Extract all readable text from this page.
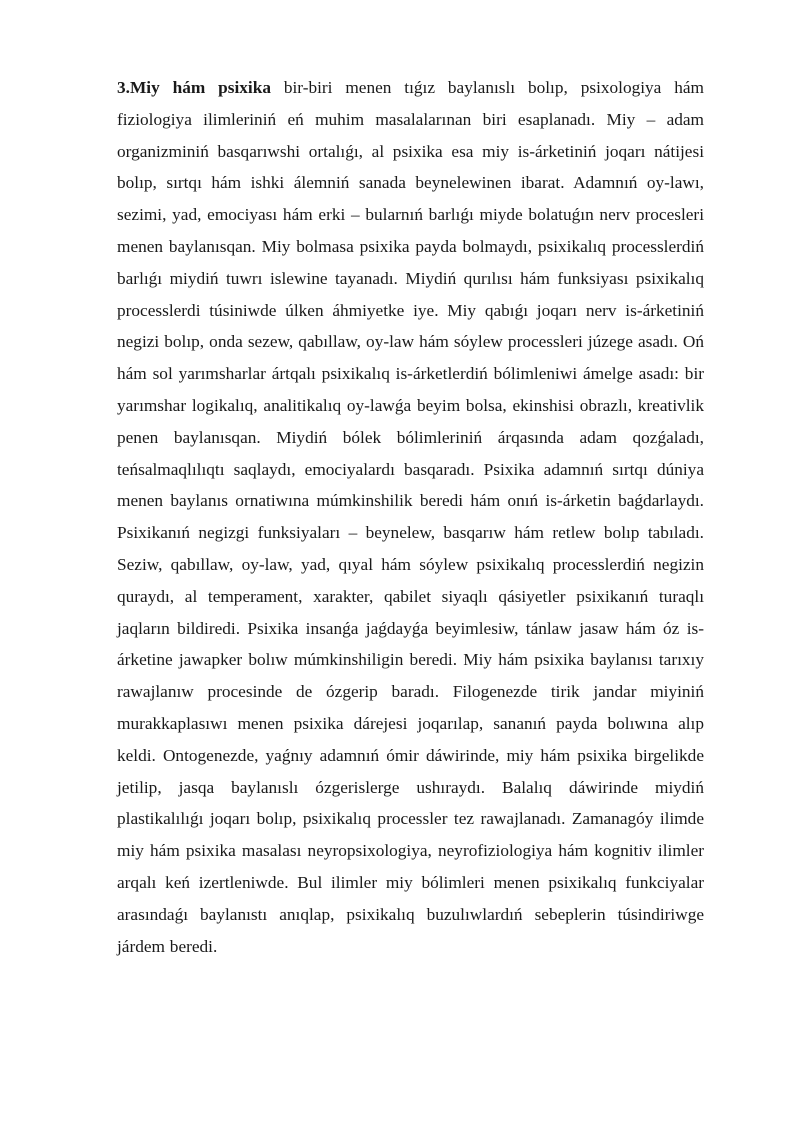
3.Miy hám psixika bir-biri menen tıǵız baylanıslı bolıp, psixologiya hám fiziologiya ilimleriniń eń muhim masalalarınan biri esaplanadı. Miy – adam organizminiń basqarıwshi ortalıǵı, al psixika esa miy is-árketiniń joqarı nátijesi bolıp, sırtqı hám ishki álemniń sanada beynelewinen ibarat. Adamnıń oy-lawı, sezimi, yad, emociyası hám erki – bularnıń barlıǵı miyde bolatuǵın nerv procesleri menen baylanısqan. Miy bolmasa psixika payda bolmaydı, psixikalıq processlerdiń barlıǵı miydiń tuwrı islewine tayanadı. Miydiń qurılısı hám funksiyası psixikalıq processlerdi túsiniwde úlken áhmiyetke iye. Miy qabıǵı joqarı nerv is-árketiniń negizi bolıp, onda sezew, qabıllaw, oy-law hám sóylew processleri júzege asadı. Oń hám sol yarımsharlar ártqalı psixikalıq is-árketlerdiń bólimleniwi ámelge asadı: bir yarımshar logikalıq, analitikalıq oy-lawǵa beyim bolsa, ekinshisi obrazlı, kreativlik penen baylanısqan. Miydiń bólek bólimleriniń árqasında adam qozǵaladı, teńsalmaqlılıqtı saqlaydı, emociyalardı basqaradı. Psixika adamnıń sırtqı dúniya menen baylanıs ornatiwına múmkinshilik beredi hám onıń is-árketin baǵdarlaydı. Psixikanıń negizgi funksiyaları – beynelew, basqarıw hám retlew bolıp tabıladı. Seziw, qabıllaw, oy-law, yad, qıyal hám sóylew psixikalıq processlerdiń negizin quraydı, al temperament, xarakter, qabilet siyaqlı qásiyetler psixikanıń turaqlı jaqların bildiredi. Psixika insanǵa jaǵdayǵa beyimlesiw, tánlaw jasaw hám óz is-árketine jawapker bolıw múmkinshiligin beredi. Miy hám psixika baylanısı tarıxıy rawajlanıw procesinde de ózgerip baradı. Filogenezde tirik jandar miyiniń murakkaplasıwı menen psixika dárejesi joqarılap, sananıń payda bolıwına alıp keldi. Ontogenezde, yaǵnıy adamnıń ómir dáwirinde, miy hám psixika birgelikde jetilip, jasqa baylanıslı ózgerislerge ushıraydı. Balalıq dáwirinde miydiń plastikalılıǵı joqarı bolıp, psixikalıq processler tez rawajlanadı. Zamanagóy ilimde miy hám psixika masalası neyropsixologiya, neyrofiziologiya hám kognitiv ilimler arqalı keń izertleniwde. Bul ilimler miy bólimleri menen psixikalıq funkciyalar arasındaǵı baylanıstı anıqlap, psixikalıq buzulıwlardıń sebeplerin túsindiriwge járdem beredi.
